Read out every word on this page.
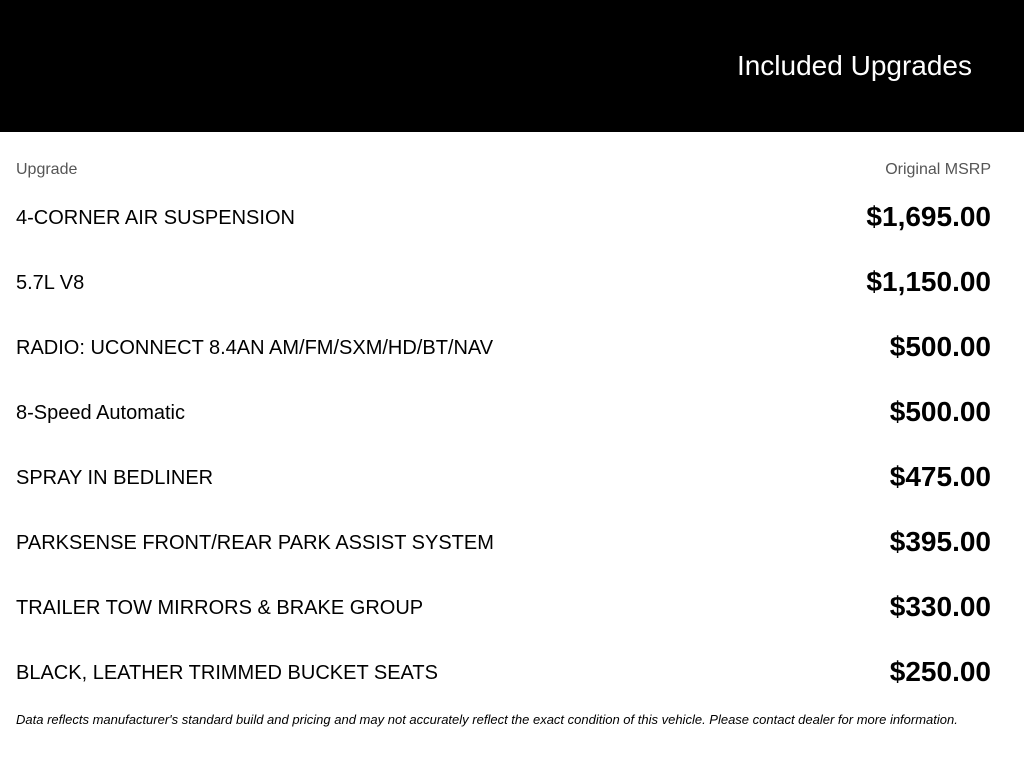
Included Upgrades
Upgrade	Original MSRP
4-CORNER AIR SUSPENSION	$1,695.00
5.7L V8	$1,150.00
RADIO: UCONNECT 8.4AN AM/FM/SXM/HD/BT/NAV	$500.00
8-Speed Automatic	$500.00
SPRAY IN BEDLINER	$475.00
PARKSENSE FRONT/REAR PARK ASSIST SYSTEM	$395.00
TRAILER TOW MIRRORS & BRAKE GROUP	$330.00
BLACK, LEATHER TRIMMED BUCKET SEATS	$250.00
Data reflects manufacturer's standard build and pricing and may not accurately reflect the exact condition of this vehicle. Please contact dealer for more information.
